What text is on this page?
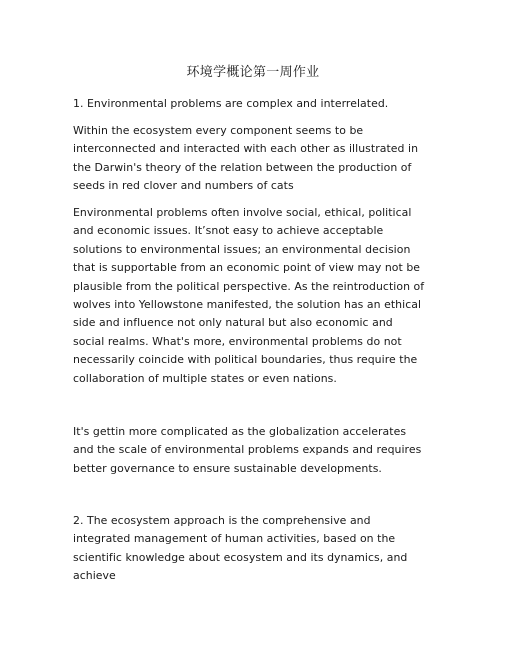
环境学概论第一周作业

1. Environmental problems are complex and interrelated.

Within the ecosystem every component seems to be interconnected and interacted with each other as illustrated in the Darwin's theory of the relation between the production of seeds in red clover and numbers of cats

Environmental problems often involve social, ethical, political and economic issues. It’snot easy to achieve acceptable solutions to environmental issues; an environmental decision that is supportable from an economic point of view may not be plausible from the political perspective. As the reintroduction of wolves into Yellowstone manifested, the solution has an ethical side and influence not only natural but also economic and social realms. What's more, environmental problems do not necessarily coincide with political boundaries, thus require the collaboration of multiple states or even nations.

It's gettin more complicated as the globalization accelerates and the scale of environmental problems expands and requires better governance to ensure sustainable developments.

2. The ecosystem approach is the comprehensive and integrated management of human activities, based on the scientific knowledge about ecosystem and its dynamics, and achieve
